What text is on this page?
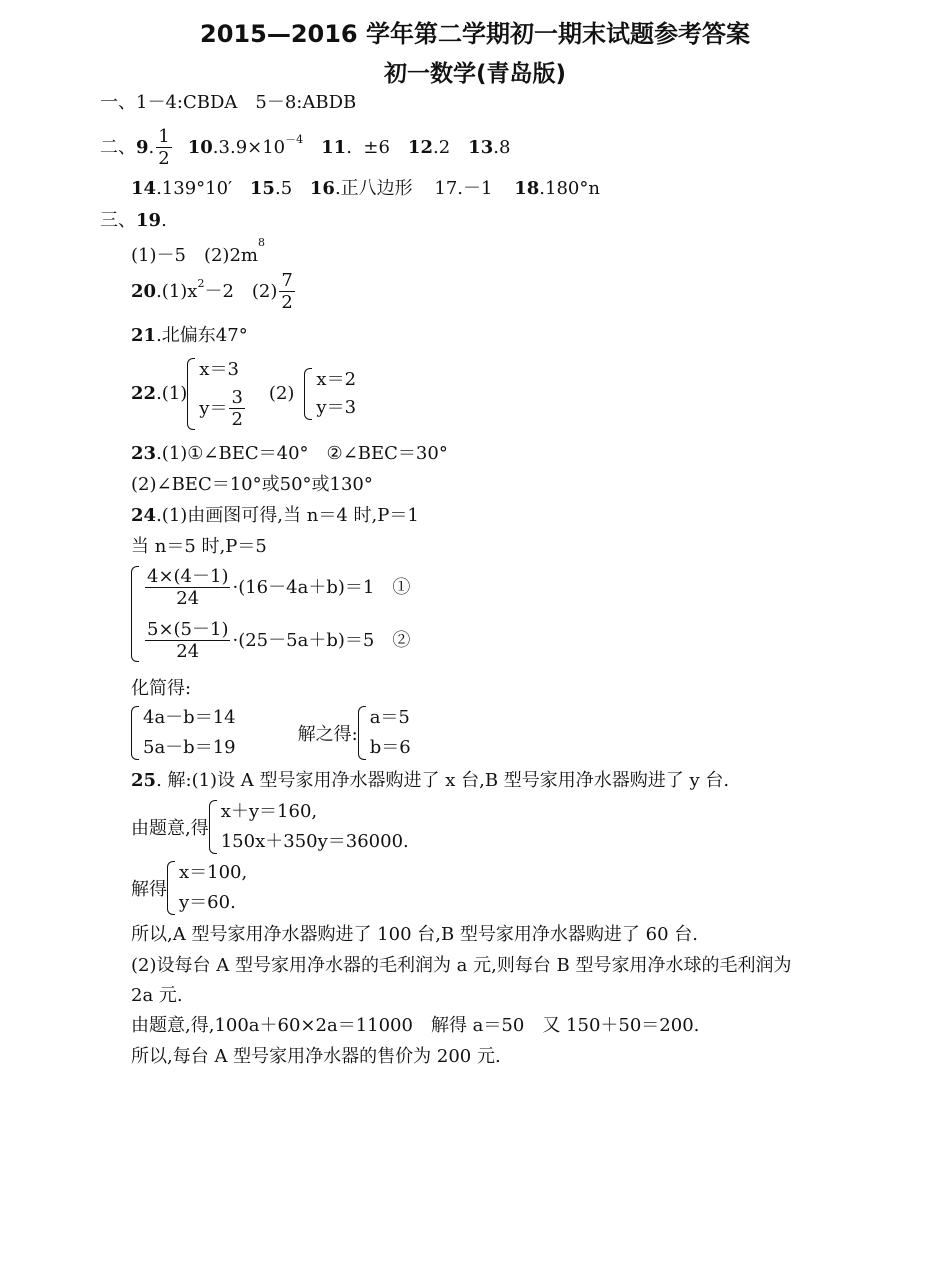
2015—2016 学年第二学期初一期末试题参考答案
初一数学(青岛版)
一、1－4:CBDA　5－8:ABDB
二、 9 . $\frac{1}{2} 10$ . $3.9\times 10^{-4}$ 11 . ±6 12 . 2 13 . 8
14.139°10′ 15.5 16.正八边形 17.－1 18.180°n
三、19.
(1)－5　$(2)2m^8$
20 . $(1)x^2 -2$　$(2) \frac{7}{2}$
21.北偏东47°
22 . (1)
x＝3
$y= \frac{3}{2} (2)$
x＝2
y＝3
23.(1)①∠BEC＝40°　②∠BEC＝30°
(2)∠BEC＝10°或50°或130°
24.(1)由画图可得,当 n＝4 时,P＝1
当 n＝5 时,P＝5
$\frac{4\times(4-1)}{24} \cdot(16-4a+b)=1$　①
$\frac{5\times(5-1)}{24} \cdot(25-5a+b)=5$　②
化简得:
4a－b＝14
5a－b＝19
解之得:
a＝5
b＝6
25. 解:(1)设 A 型号家用净水器购进了 x 台,B 型号家用净水器购进了 y 台.
由题意,得
x＋y＝160,
150x＋350y＝36000.
解得
x＝100,
y＝60.
所以,A 型号家用净水器购进了 100 台,B 型号家用净水器购进了 60 台.
(2)设每台 A 型号家用净水器的毛利润为 a 元,则每台 B 型号家用净水球的毛利润为
2a 元.
由题意,得,100a＋60×2a＝11000　解得 a＝50　又 150＋50＝200.
所以,每台 A 型号家用净水器的售价为 200 元.
